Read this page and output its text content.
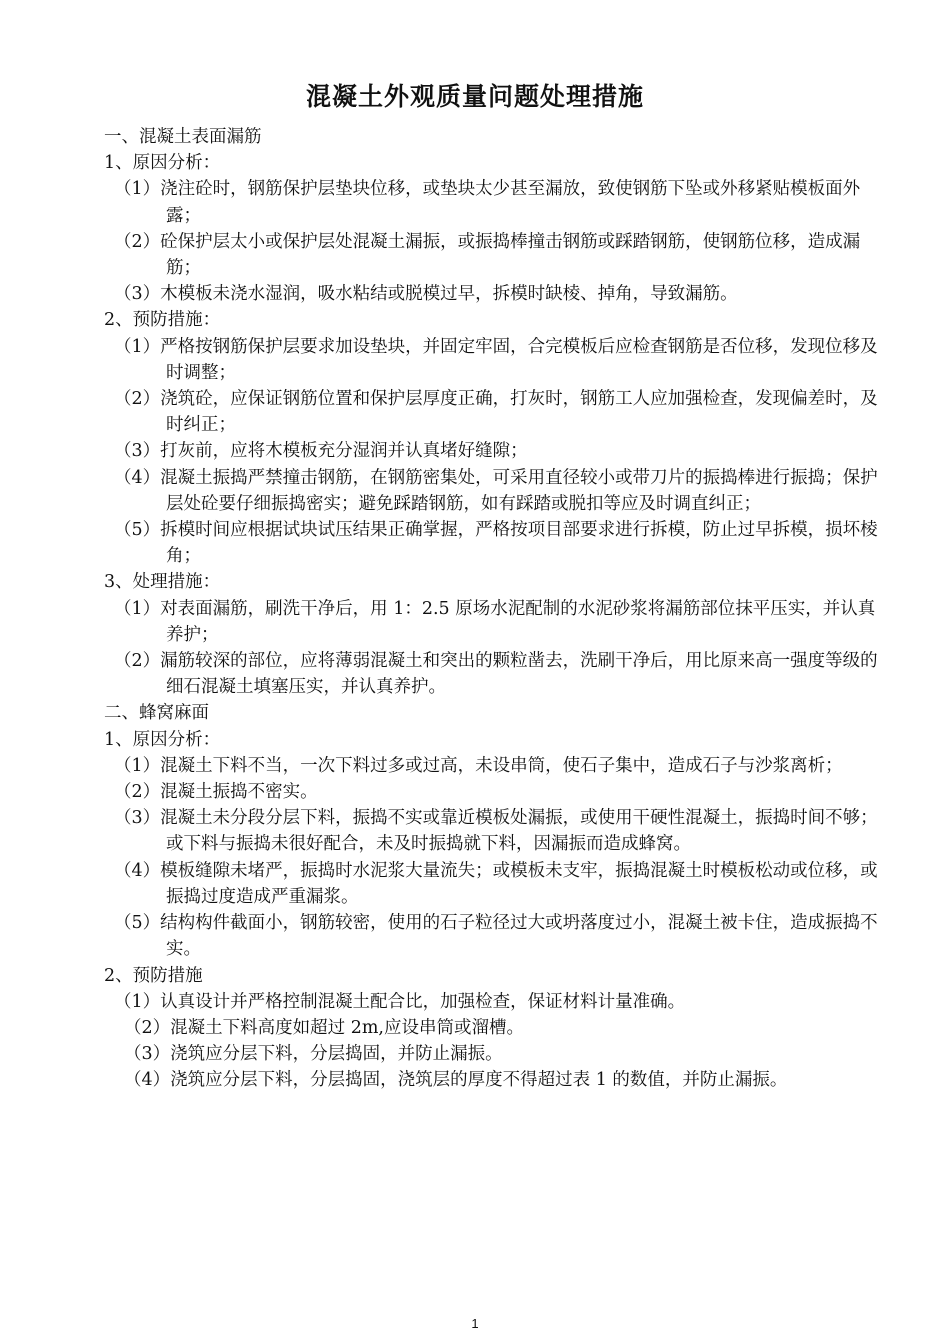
混凝土外观质量问题处理措施
一、混凝土表面漏筋
1、原因分析：
（1）浇注砼时，钢筋保护层垫块位移，或垫块太少甚至漏放，致使钢筋下坠或外移紧贴模板面外露；
（2）砼保护层太小或保护层处混凝土漏振，或振捣棒撞击钢筋或踩踏钢筋，使钢筋位移，造成漏筋；
（3）木模板未浇水湿润，吸水粘结或脱模过早，拆模时缺棱、掉角，导致漏筋。
2、预防措施：
（1）严格按钢筋保护层要求加设垫块，并固定牢固，合完模板后应检查钢筋是否位移，发现位移及时调整；
（2）浇筑砼，应保证钢筋位置和保护层厚度正确，打灰时，钢筋工人应加强检查，发现偏差时，及时纠正；
（3）打灰前，应将木模板充分湿润并认真堵好缝隙；
（4）混凝土振捣严禁撞击钢筋，在钢筋密集处，可采用直径较小或带刀片的振捣棒进行振捣；保护层处砼要仔细振捣密实；避免踩踏钢筋，如有踩踏或脱扣等应及时调直纠正；
（5）拆模时间应根据试块试压结果正确掌握，严格按项目部要求进行拆模，防止过早拆模，损坏棱角；
3、处理措施：
（1）对表面漏筋，刷洗干净后，用 1：2.5 原场水泥配制的水泥砂浆将漏筋部位抹平压实，并认真养护；
（2）漏筋较深的部位，应将薄弱混凝土和突出的颗粒凿去，洗刷干净后，用比原来高一强度等级的细石混凝土填塞压实，并认真养护。
二、蜂窝麻面
1、原因分析：
（1）混凝土下料不当，一次下料过多或过高，未设串筒，使石子集中，造成石子与沙浆离析；
（2）混凝土振捣不密实。
（3）混凝土未分段分层下料，振捣不实或靠近模板处漏振，或使用干硬性混凝土，振捣时间不够；或下料与振捣未很好配合，未及时振捣就下料，因漏振而造成蜂窝。
（4）模板缝隙未堵严，振捣时水泥浆大量流失；或模板未支牢，振捣混凝土时模板松动或位移，或振捣过度造成严重漏浆。
（5）结构构件截面小，钢筋较密，使用的石子粒径过大或坍落度过小，混凝土被卡住，造成振捣不实。
2、预防措施
（1）认真设计并严格控制混凝土配合比，加强检查，保证材料计量准确。
（2）混凝土下料高度如超过 2m,应设串筒或溜槽。
（3）浇筑应分层下料，分层捣固，并防止漏振。
（4）浇筑应分层下料，分层捣固，浇筑层的厚度不得超过表 1 的数值，并防止漏振。
1
